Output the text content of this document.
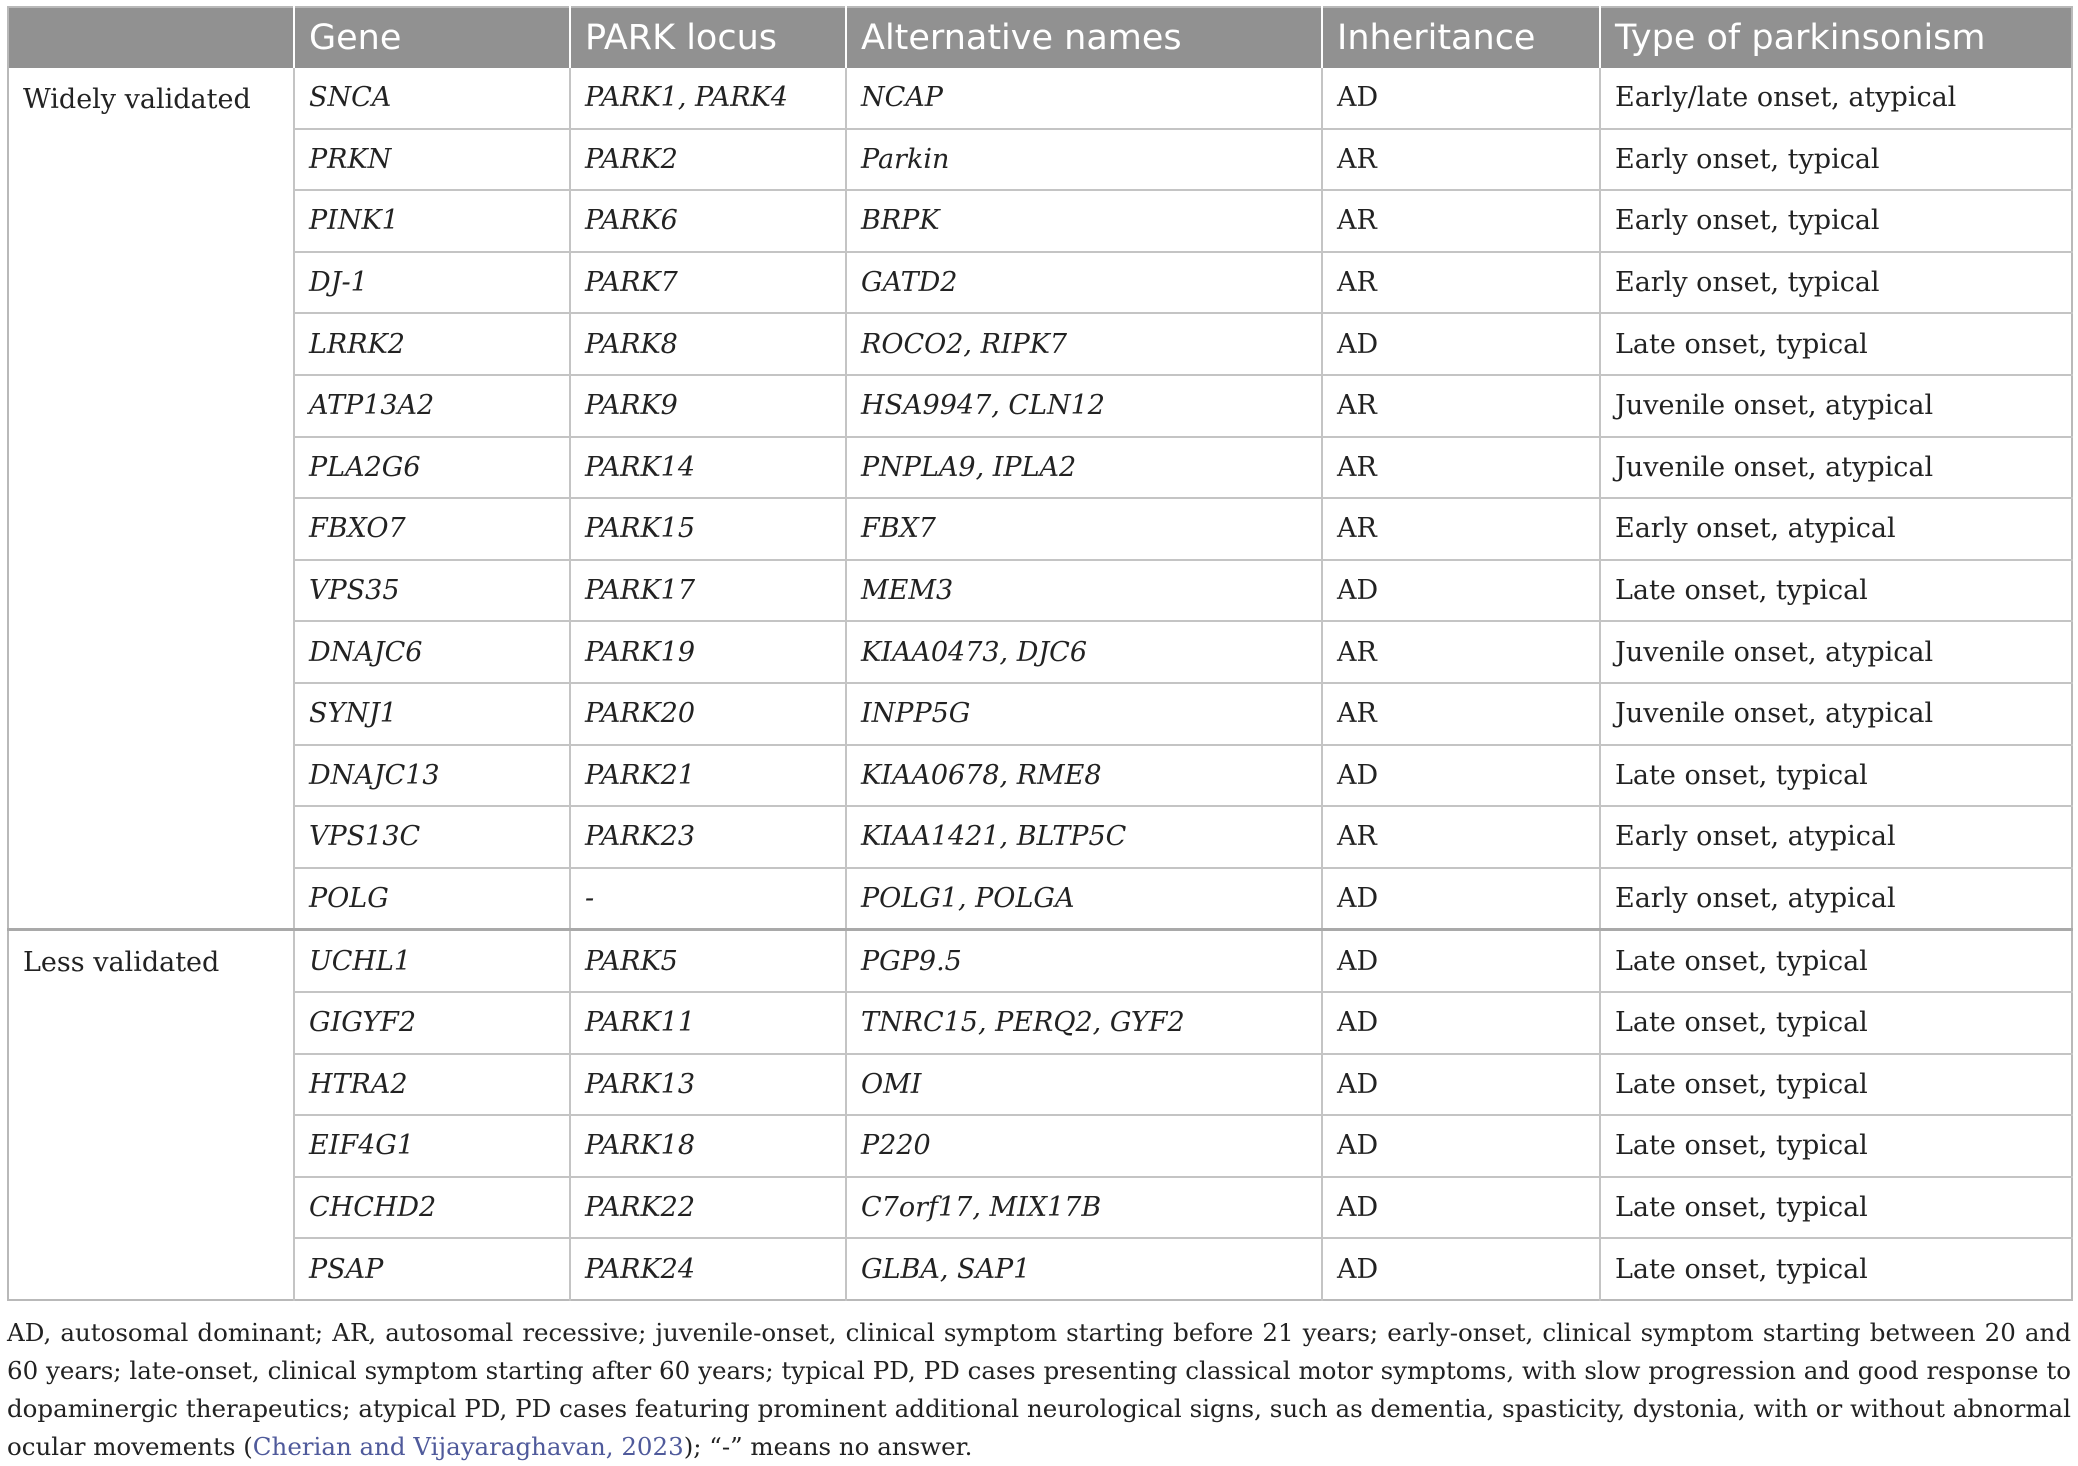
	Gene	PARK locus	Alternative names	Inheritance	Type of parkinsonism
Widely validated	SNCA	PARK1, PARK4	NCAP	AD	Early/late onset, atypical
	PRKN	PARK2	Parkin	AR	Early onset, typical
	PINK1	PARK6	BRPK	AR	Early onset, typical
	DJ-1	PARK7	GATD2	AR	Early onset, typical
	LRRK2	PARK8	ROCO2, RIPK7	AD	Late onset, typical
	ATP13A2	PARK9	HSA9947, CLN12	AR	Juvenile onset, atypical
	PLA2G6	PARK14	PNPLA9, IPLA2	AR	Juvenile onset, atypical
	FBXO7	PARK15	FBX7	AR	Early onset, atypical
	VPS35	PARK17	MEM3	AD	Late onset, typical
	DNAJC6	PARK19	KIAA0473, DJC6	AR	Juvenile onset, atypical
	SYNJ1	PARK20	INPP5G	AR	Juvenile onset, atypical
	DNAJC13	PARK21	KIAA0678, RME8	AD	Late onset, typical
	VPS13C	PARK23	KIAA1421, BLTP5C	AR	Early onset, atypical
	POLG	-	POLG1, POLGA	AD	Early onset, atypical
Less validated	UCHL1	PARK5	PGP9.5	AD	Late onset, typical
	GIGYF2	PARK11	TNRC15, PERQ2, GYF2	AD	Late onset, typical
	HTRA2	PARK13	OMI	AD	Late onset, typical
	EIF4G1	PARK18	P220	AD	Late onset, typical
	CHCHD2	PARK22	C7orf17, MIX17B	AD	Late onset, typical
	PSAP	PARK24	GLBA, SAP1	AD	Late onset, typical
AD, autosomal dominant; AR, autosomal recessive; juvenile-onset, clinical symptom starting before 21 years; early-onset, clinical symptom starting between 20 and 60 years; late-onset, clinical symptom starting after 60 years; typical PD, PD cases presenting classical motor symptoms, with slow progression and good response to dopaminergic therapeutics; atypical PD, PD cases featuring prominent additional neurological signs, such as dementia, spasticity, dystonia, with or without abnormal ocular movements (Cherian and Vijayaraghavan, 2023); “-” means no answer.
